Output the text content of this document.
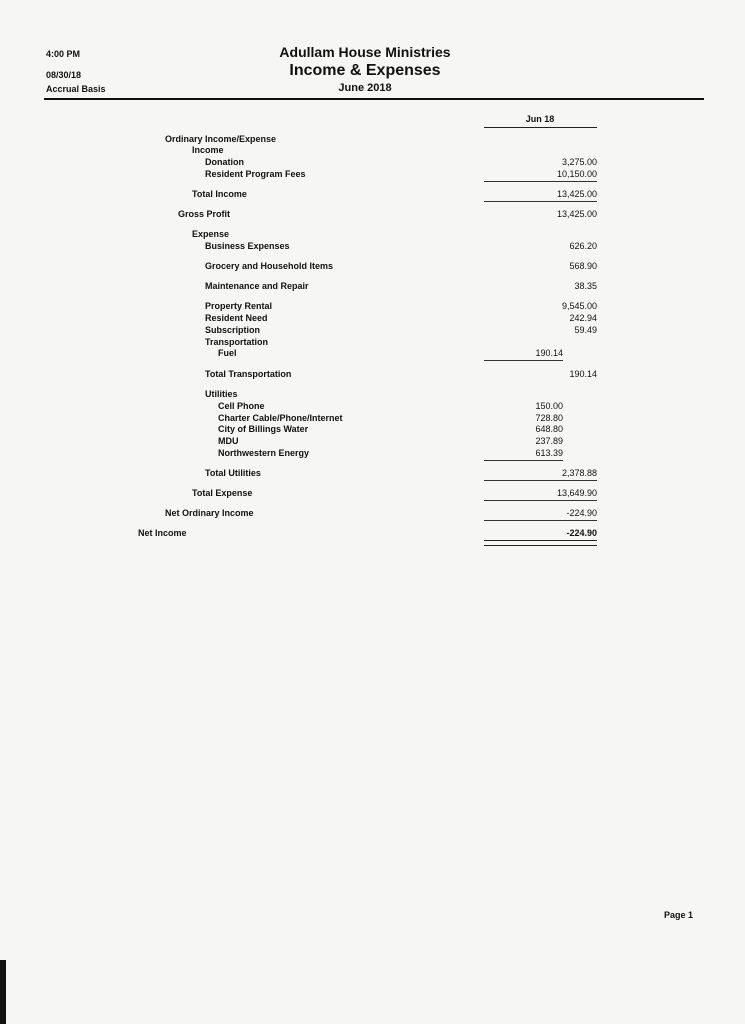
4:00 PM
08/30/18
Accrual Basis
Adullam House Ministries
Income & Expenses
June 2018
Jun 18
Ordinary Income/Expense
Income
Donation	3,275.00
Resident Program Fees	10,150.00
Total Income	13,425.00
Gross Profit	13,425.00
Expense
Business Expenses	626.20
Grocery and Household Items	568.90
Maintenance and Repair	38.35
Property Rental	9,545.00
Resident Need	242.94
Subscription	59.49
Transportation
Fuel	190.14
Total Transportation	190.14
Utilities
Cell Phone	150.00
Charter Cable/Phone/Internet	728.80
City of Billings Water	648.80
MDU	237.89
Northwestern Energy	613.39
Total Utilities	2,378.88
Total Expense	13,649.90
Net Ordinary Income	-224.90
Net Income	-224.90
Page 1
